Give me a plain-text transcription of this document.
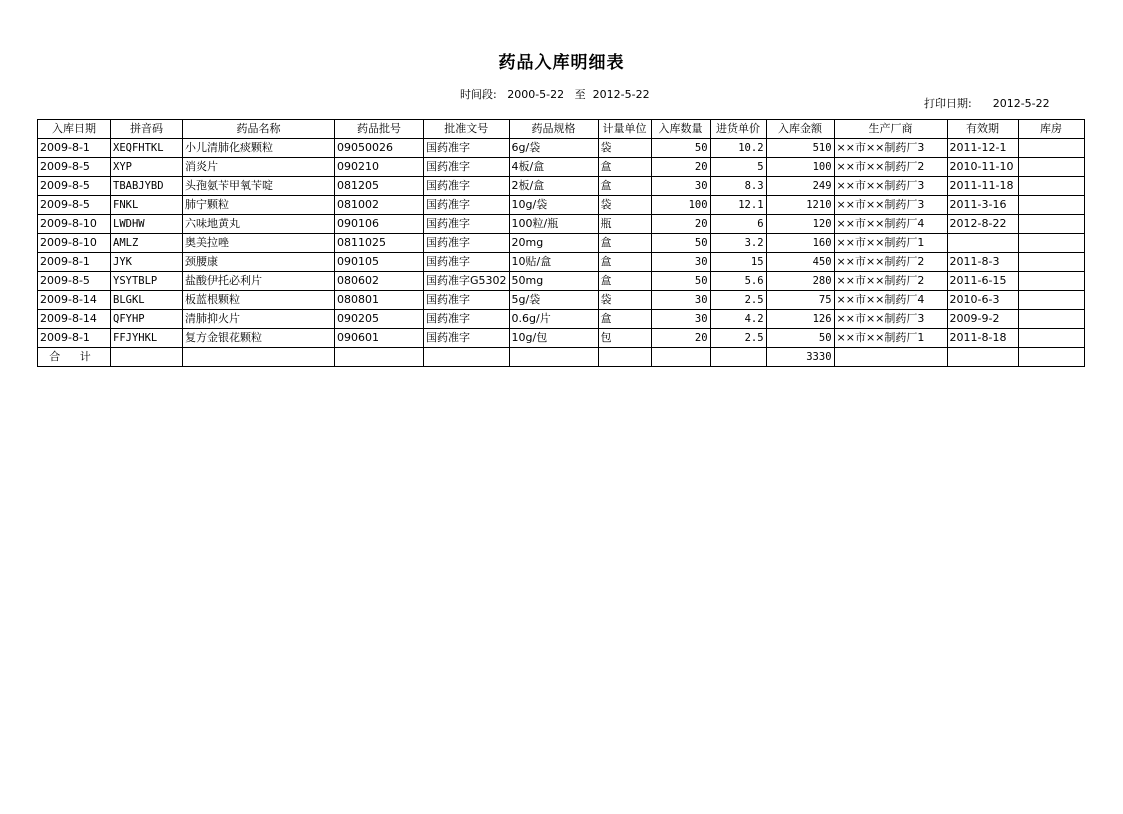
药品入库明细表
时间段: 2000-5-22 至 2012-5-22
打印日期: 2012-5-22
入库日期	拼音码	药品名称	药品批号	批准文号	药品规格	计量单位	入库数量	进货单价	入库金额	生产厂商	有效期	库房
2009-8-1	XEQFHTKL	小儿清肺化痰颗粒	09050026	国药准字	6g/袋	袋	50	10.2	510	××市××制药厂3	2011-12-1	
2009-8-5	XYP	消炎片	090210	国药准字	4板/盒	盒	20	5	100	××市××制药厂2	2010-11-10	
2009-8-5	TBABJYBD	头孢氨苄甲氧苄啶	081205	国药准字	2板/盒	盒	30	8.3	249	××市××制药厂3	2011-11-18	
2009-8-5	FNKL	肺宁颗粒	081002	国药准字	10g/袋	袋	100	12.1	1210	××市××制药厂3	2011-3-16	
2009-8-10	LWDHW	六味地黄丸	090106	国药准字	100粒/瓶	瓶	20	6	120	××市××制药厂4	2012-8-22	
2009-8-10	AMLZ	奥美拉唑	0811025	国药准字	20mg	盒	50	3.2	160	××市××制药厂1		
2009-8-1	JYK	颈腰康	090105	国药准字	10贴/盒	盒	30	15	450	××市××制药厂2	2011-8-3	
2009-8-5	YSYTBLP	盐酸伊托必利片	080602	国药准字G5302	50mg	盒	50	5.6	280	××市××制药厂2	2011-6-15	
2009-8-14	BLGKL	板蓝根颗粒	080801	国药准字	5g/袋	袋	30	2.5	75	××市××制药厂4	2010-6-3	
2009-8-14	QFYHP	清肺抑火片	090205	国药准字	0.6g/片	盒	30	4.2	126	××市××制药厂3	2009-9-2	
2009-8-1	FFJYHKL	复方金银花颗粒	090601	国药准字	10g/包	包	20	2.5	50	××市××制药厂1	2011-8-18	
合 计									3330			
